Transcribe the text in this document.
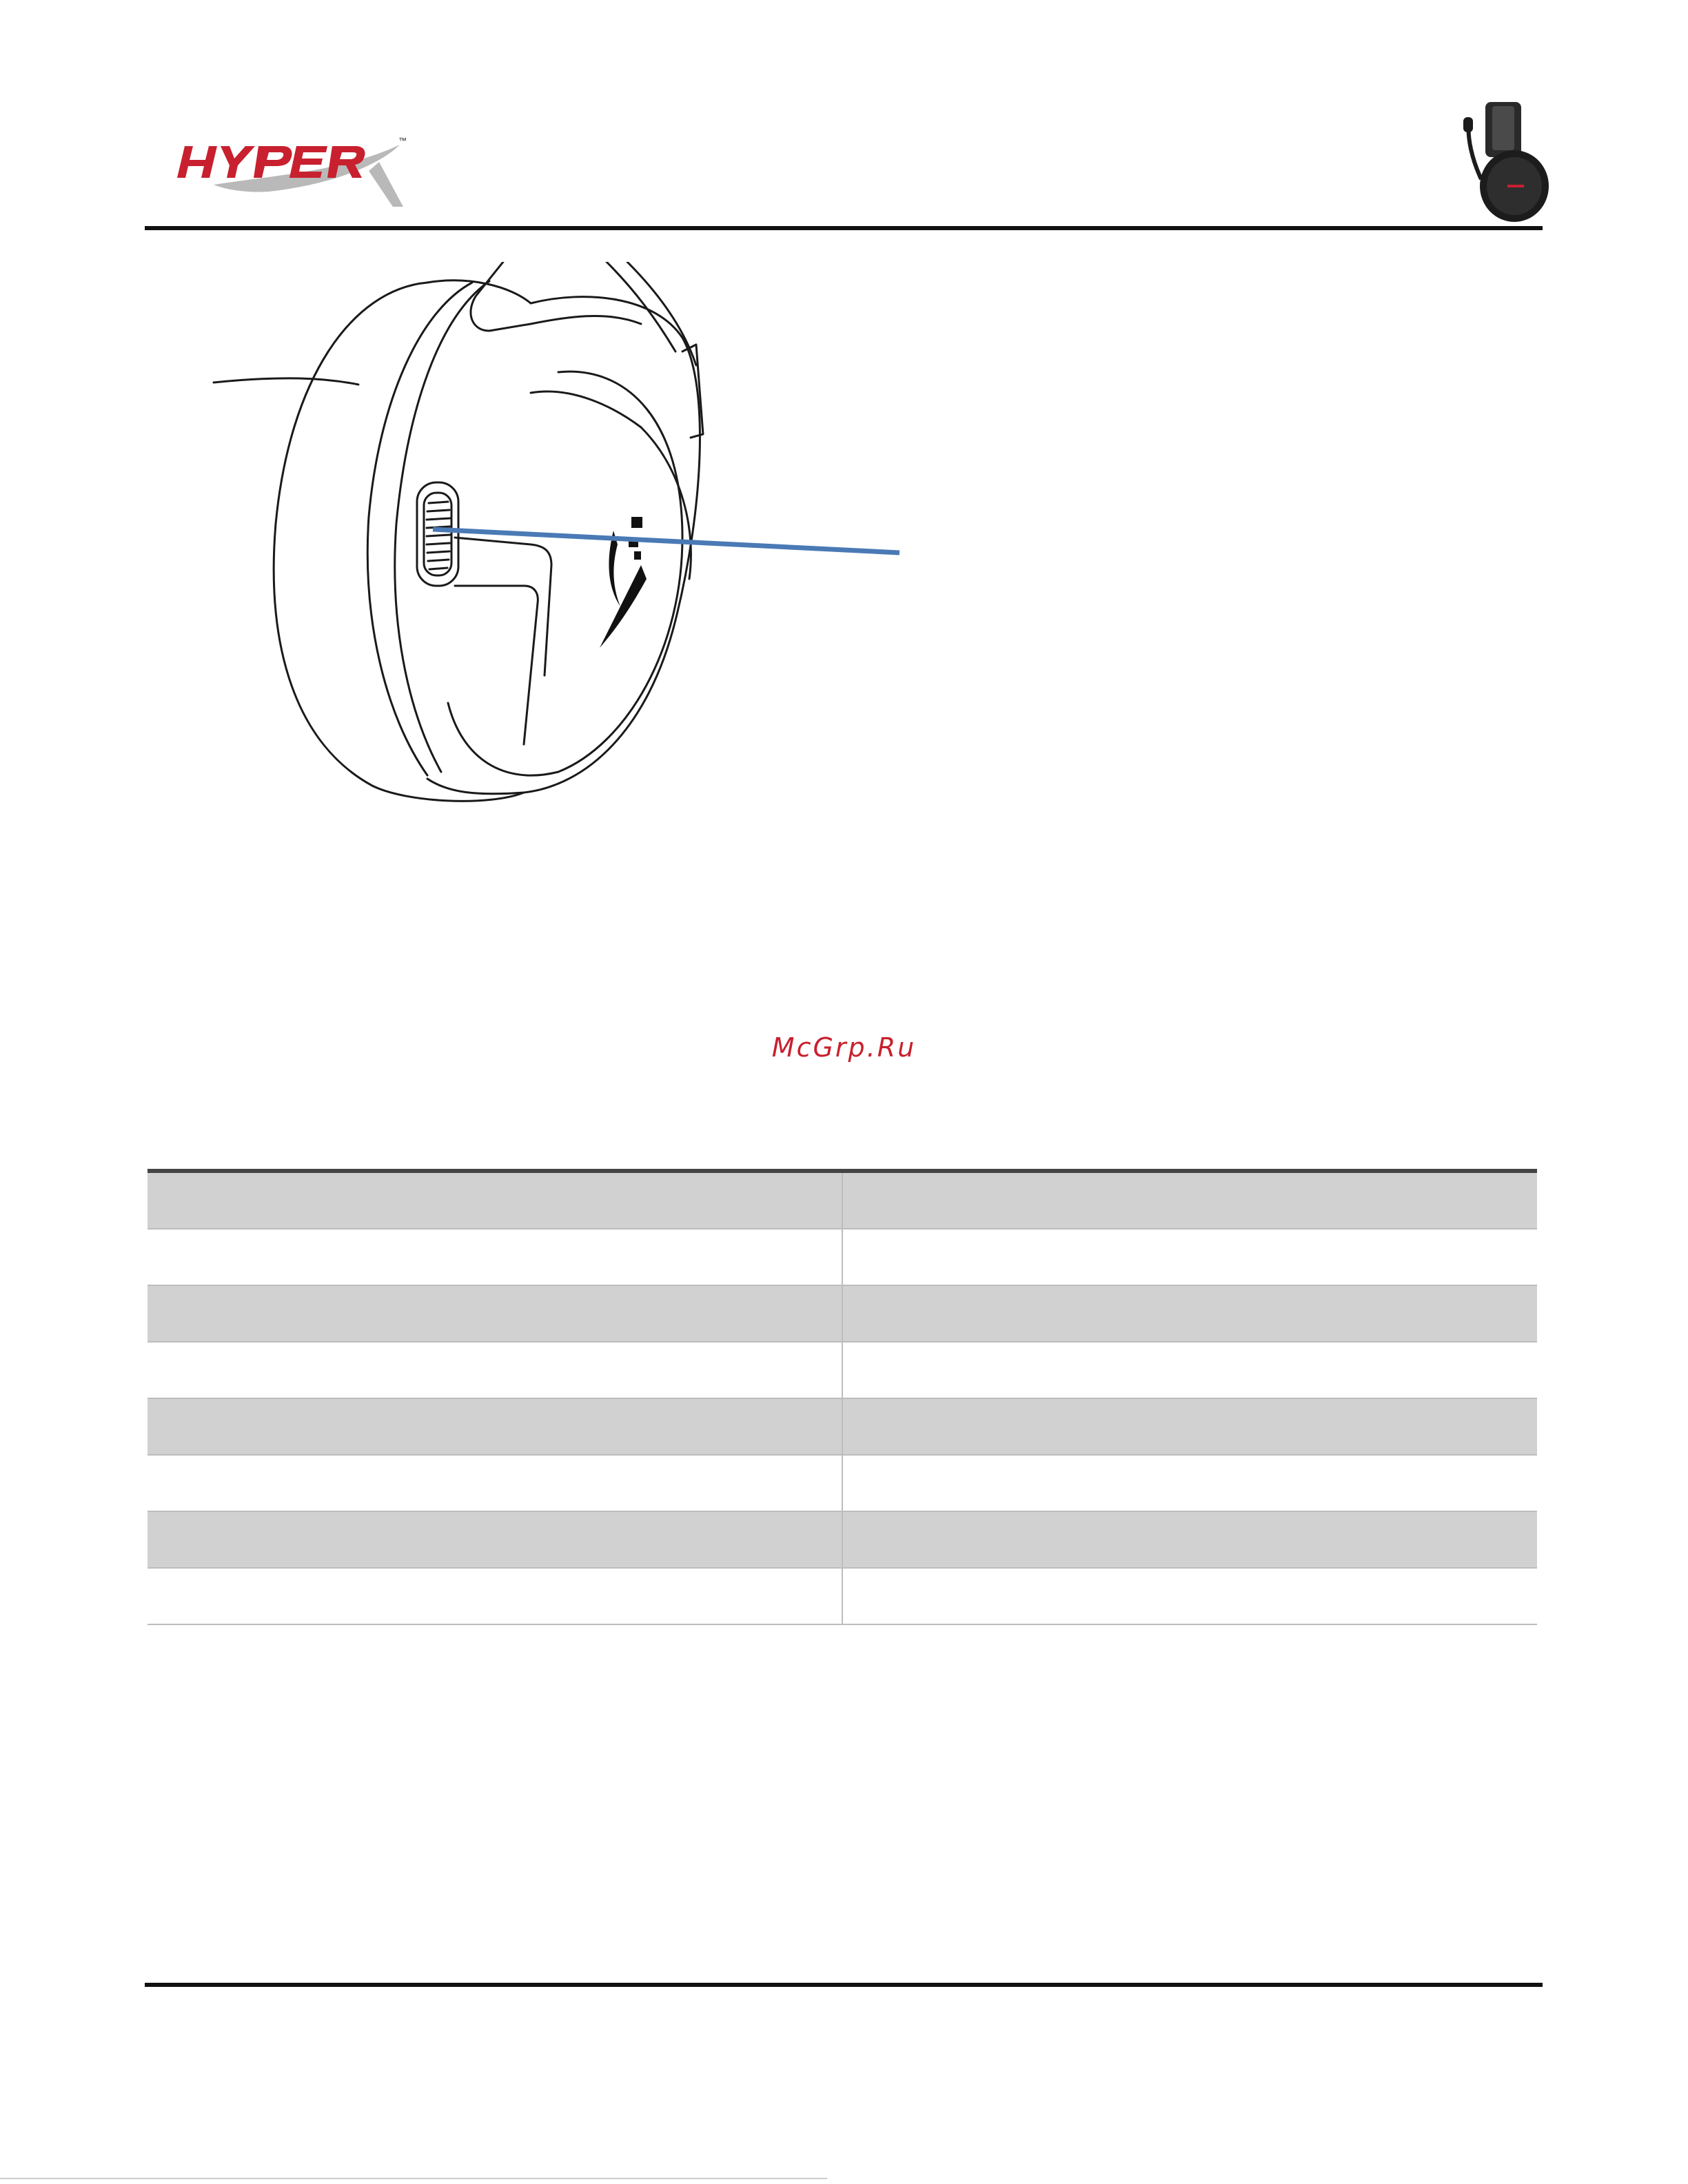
™
McGrp.Ru
